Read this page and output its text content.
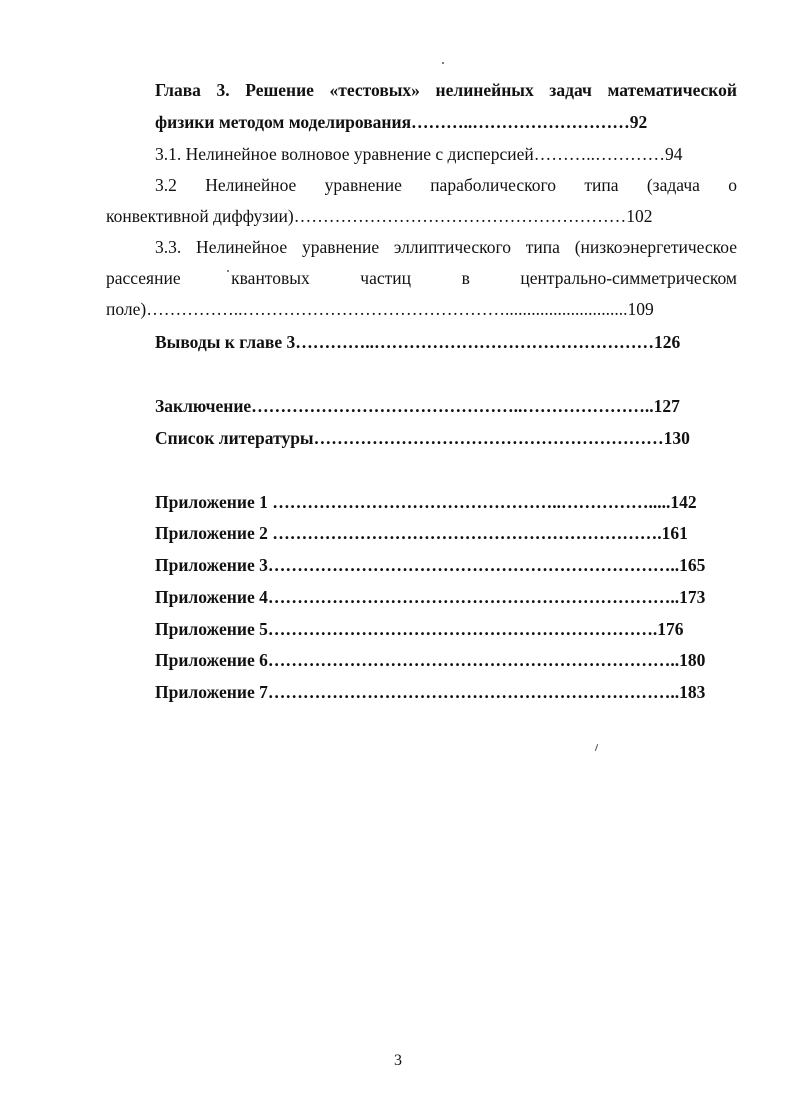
Глава 3. Решение «тестовых» нелинейных задач математической
физики методом моделирования………..………………………92
3.1. Нелинейное волновое уравнение с дисперсией………..…………94
3.2 Нелинейное уравнение параболического типа (задача о
конвективной диффузии)…………………………………………………102
3.3. Нелинейное уравнение эллиптического типа (низкоэнергетическое
рассеяние	квантовых	частиц	в	центрально-симметрическом
поле)……………..………………………………………............................109
Выводы к главе 3…………..…………………………………………126
Заключение………………………………………..…………………..127
Список литературы……………………………………………………130
Приложение 1 …………………………………………..…………….....142
Приложение 2 ………………………………………………………….161
Приложение 3……………………………………………………………..165
Приложение 4……………………………………………………………..173
Приложение 5………………………………………………………….176
Приложение 6……………………………………………………………..180
Приложение 7……………………………………………………………..183
3
